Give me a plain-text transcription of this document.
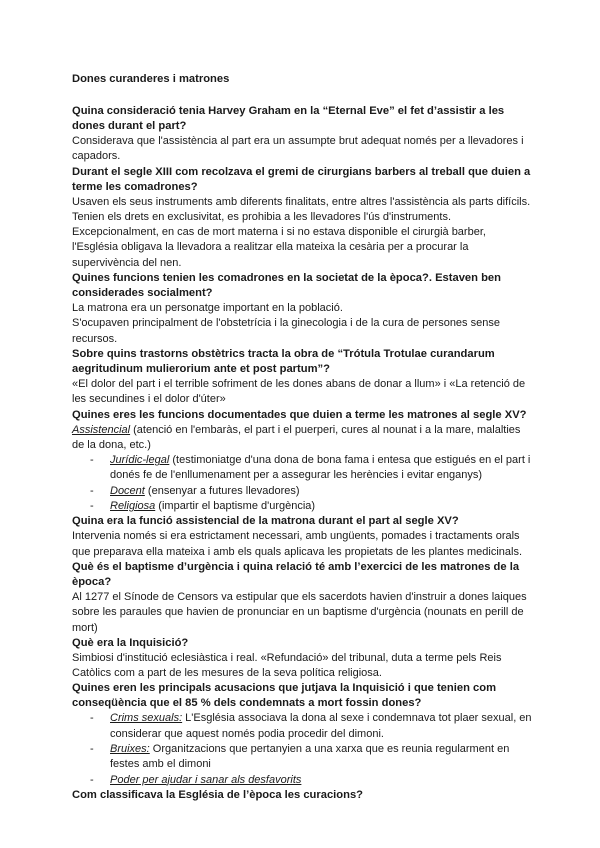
Dones curanderes i matrones

Quina consideració tenia Harvey Graham en la “Eternal Eve” el fet d’assistir a les dones durant el part?

Considerava que l'assistència al part era un assumpte brut adequat només per a llevadores i capadors.

Durant el segle XIII com recolzava el gremi de cirurgians barbers al treball que duien a terme les comadrones?

Usaven els seus instruments amb diferents finalitats, entre altres l'assistència als parts difícils. Tenien els drets en exclusivitat, es prohibia a les llevadores l'ús d'instruments.

Excepcionalment, en cas de mort materna i si no estava disponible el cirurgià barber, l'Església obligava la llevadora a realitzar ella mateixa la cesària per a procurar la supervivència del nen.

Quines funcions tenien les comadrones en la societat de la època?. Estaven ben considerades socialment?

La matrona era un personatge important en la població.

S'ocupaven principalment de l'obstetrícia i la ginecologia i de la cura de persones sense recursos.

Sobre quins trastorns obstètrics tracta la obra de “Trótula Trotulae curandarum aegritudinum mulierorium ante et post partum”?

«El dolor del part i el terrible sofriment de les dones abans de donar a llum» i «La retenció de les secundines i el dolor d'úter»

Quines eres les funcions documentades que duien a terme les matrones al segle XV?

Assistencial (atenció en l'embaràs, el part i el puerperi, cures al nounat i a la mare, malalties de la dona, etc.)

- Jurídic-legal (testimoniatge d'una dona de bona fama i entesa que estigués en el part i donés fe de l'enllumenament per a assegurar les herències i evitar enganys)
- Docent (ensenyar a futures llevadores)
- Religiosa (impartir el baptisme d'urgència)

Quina era la funció assistencial de la matrona durant el part al segle XV?

Intervenia només si era estrictament necessari, amb ungüents, pomades i tractaments orals que preparava ella mateixa i amb els quals aplicava les propietats de les plantes medicinals.

Què és el baptisme d’urgència i quina relació té amb l’exercici de les matrones de la època?

Al 1277 el Sínode de Censors va estipular que els sacerdots havien d'instruir a dones laiques sobre les paraules que havien de pronunciar en un baptisme d'urgència (nounats en perill de mort)

Què era la Inquisició?

Simbiosi d'institució eclesiàstica i real. «Refundació» del tribunal, duta a terme pels Reis Catòlics com a part de les mesures de la seva política religiosa.

Quines eren les principals acusacions que jutjava la Inquisició i que tenien com conseqüència que el 85 % dels condemnats a mort fossin dones?

- Crims sexuals: L'Església associava la dona al sexe i condemnava tot plaer sexual, en considerar que aquest només podia procedir del dimoni.
- Bruixes: Organitzacions que pertanyien a una xarxa que es reunia regularment en festes amb el dimoni
- Poder per ajudar i sanar als desfavorits

Com classificava la Església de l’època les curacions?
